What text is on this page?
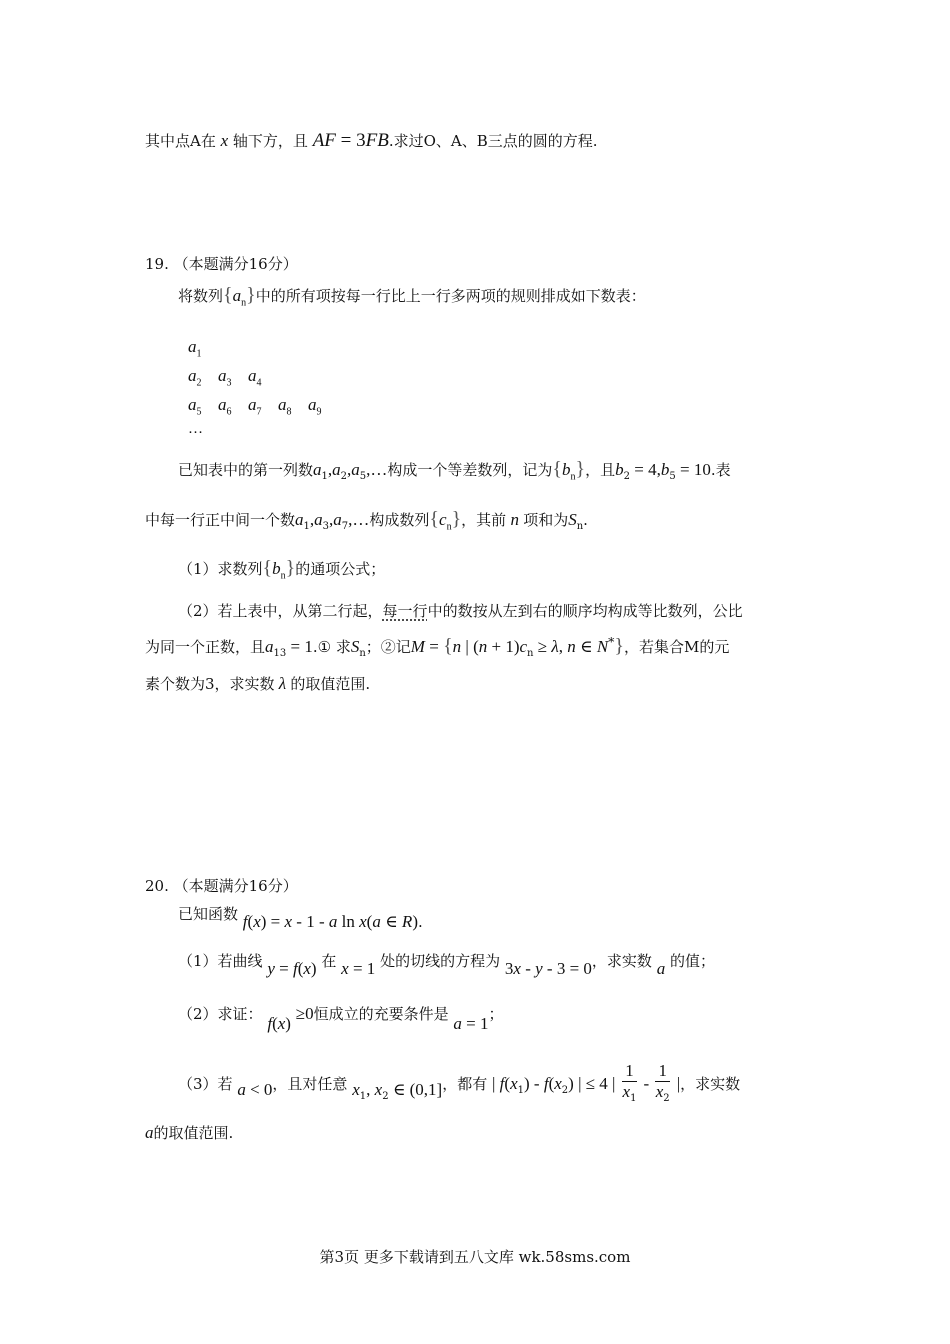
其中点A在 x 轴下方，且 AF = 3FB.求过O、A、B三点的圆的方程.
19. （本题满分16分）
将数列$\{a_n\}$中的所有项按每一行比上一行多两项的规则排成如下数表：
$a_1$
$a_2$ $a_3$ $a_4$
$a_5$ $a_6$ $a_7$ $a_8$ $a_9$
…
已知表中的第一列数$a_1,a_2,a_5,\dots$构成一个等差数列，记为$\{b_n\}$，且$b_2 = 4,b_5 = 10$.表
中每一行正中间一个数$a_1,a_3,a_7,\dots$构成数列$\{c_n\}$，其前 n 项和为$S_n$.
（1）求数列$\{b_n\}$的通项公式；
（2）若上表中，从第二行起，每一行中的数按从左到右的顺序均构成等比数列，公比
为同一个正数，且$a_{13}$ = 1.① 求$S_n$；②记M = {n | $(n + 1)c_n \ge \lambda$, n ∈ N*}，若集合M的元
素个数为3，求实数 λ 的取值范围.
20. （本题满分16分）
已知函数 f(x) = x - 1 - a ln x(a ∈ R).
（1）若曲线 y = f(x) 在 x = 1 处的切线的方程为 3x - y - 3 = 0，求实数 a 的值；
（2）求证： f(x) ≥0恒成立的充要条件是 a = 1；
（3）若 a < 0，且对任意 $x_1$, $x_2$ ∈ (0,1]，都有 | $f(x_1) - f(x_2)$ | ≤ 4 | $\frac{1}{x_1} - \frac{1}{x_2}$ |，求实数
a的取值范围.
第3页 更多下载请到五八文库 wk.58sms.com
